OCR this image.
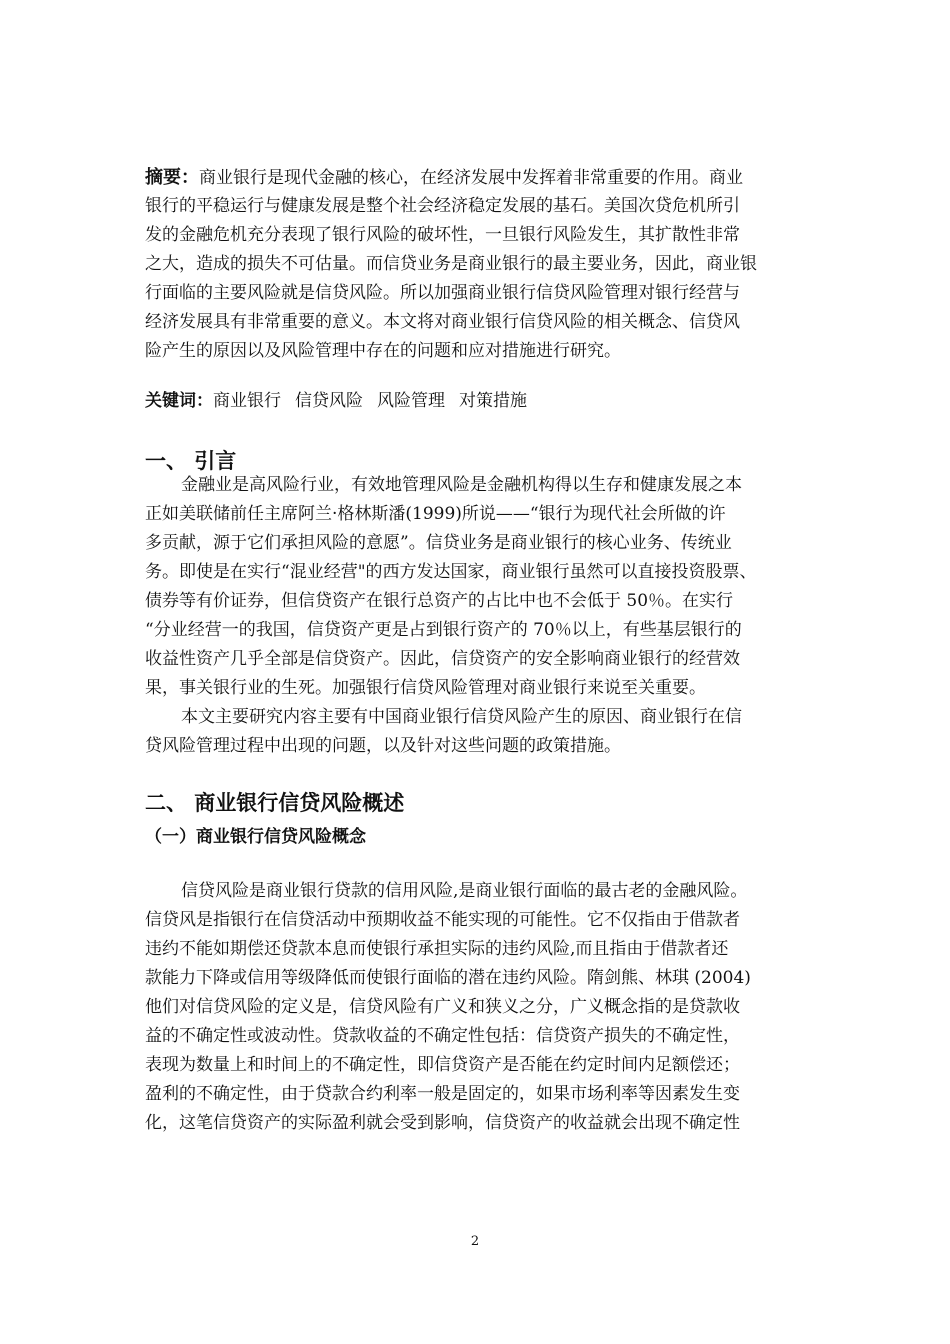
摘要：商业银行是现代金融的核心，在经济发展中发挥着非常重要的作用。商业
银行的平稳运行与健康发展是整个社会经济稳定发展的基石。美国次贷危机所引
发的金融危机充分表现了银行风险的破坏性，一旦银行风险发生，其扩散性非常
之大，造成的损失不可估量。而信贷业务是商业银行的最主要业务，因此，商业银
行面临的主要风险就是信贷风险。所以加强商业银行信贷风险管理对银行经营与
经济发展具有非常重要的意义。本文将对商业银行信贷风险的相关概念、信贷风
险产生的原因以及风险管理中存在的问题和应对措施进行研究。
关键词：商业银行 信贷风险 风险管理 对策措施
一、 引言
金融业是高风险行业，有效地管理风险是金融机构得以生存和健康发展之本
正如美联储前任主席阿兰·格林斯潘(1999)所说——“银行为现代社会所做的许
多贡献，源于它们承担风险的意愿”。信贷业务是商业银行的核心业务、传统业
务。即使是在实行“混业经营"的西方发达国家，商业银行虽然可以直接投资股票、
债券等有价证券，但信贷资产在银行总资产的占比中也不会低于 50％。在实行
“分业经营一的我国，信贷资产更是占到银行资产的 70％以上，有些基层银行的
收益性资产几乎全部是信贷资产。因此，信贷资产的安全影响商业银行的经营效
果，事关银行业的生死。加强银行信贷风险管理对商业银行来说至关重要。
本文主要研究内容主要有中国商业银行信贷风险产生的原因、商业银行在信
贷风险管理过程中出现的问题，以及针对这些问题的政策措施。
二、 商业银行信贷风险概述
（一）商业银行信贷风险概念
信贷风险是商业银行贷款的信用风险,是商业银行面临的最古老的金融风险。
信贷风是指银行在信贷活动中预期收益不能实现的可能性。它不仅指由于借款者
违约不能如期偿还贷款本息而使银行承担实际的违约风险,而且指由于借款者还
款能力下降或信用等级降低而使银行面临的潜在违约风险。隋剑熊、林琪 (2004)
他们对信贷风险的定义是，信贷风险有广义和狭义之分，广义概念指的是贷款收
益的不确定性或波动性。贷款收益的不确定性包括：信贷资产损失的不确定性，
表现为数量上和时间上的不确定性，即信贷资产是否能在约定时间内足额偿还；
盈利的不确定性，由于贷款合约利率一般是固定的，如果市场利率等因素发生变
化，这笔信贷资产的实际盈利就会受到影响，信贷资产的收益就会出现不确定性
2
